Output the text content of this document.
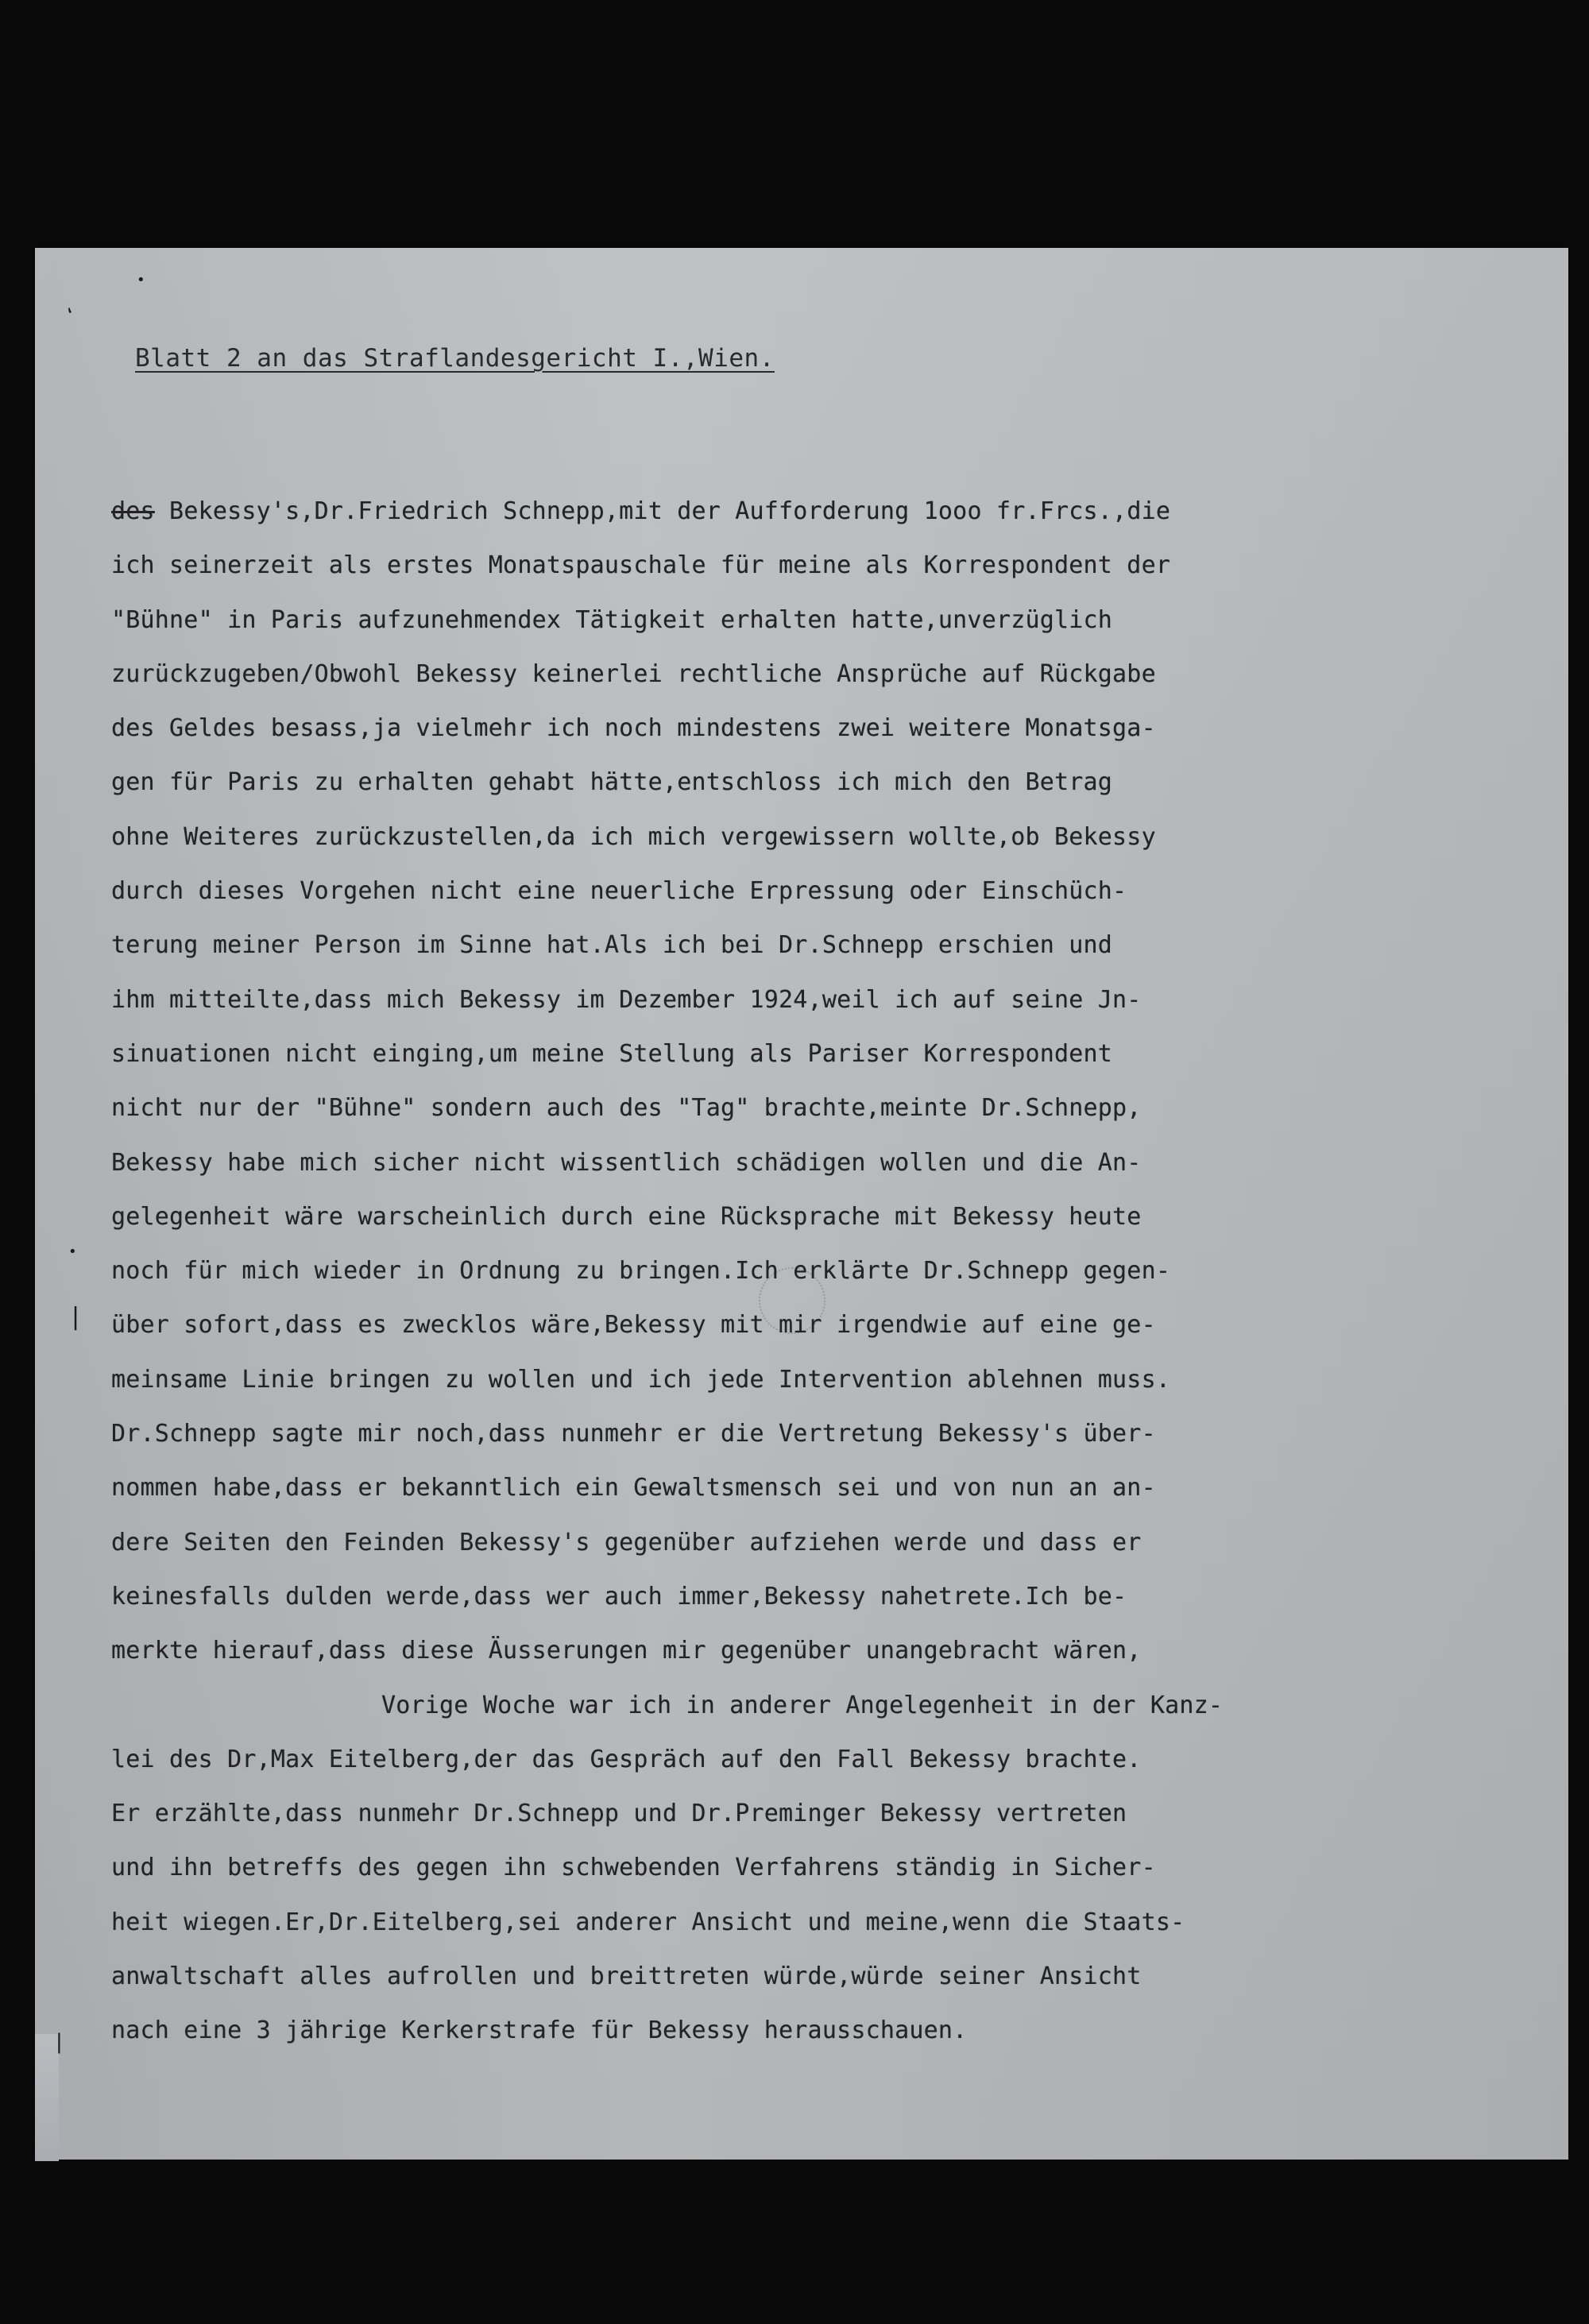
‘
•
•
|
|
Blatt 2 an das Straflandesgericht I.,Wien.
des Bekessy's,Dr.Friedrich Schnepp,mit der Aufforderung 1ooo fr.Frcs.,die
ich seinerzeit als erstes Monatspauschale für meine als Korrespondent der
"Bühne" in Paris aufzunehmendex Tätigkeit erhalten hatte,unverzüglich
zurückzugeben/Obwohl Bekessy keinerlei rechtliche Ansprüche auf Rückgabe
des Geldes besass,ja vielmehr ich noch mindestens zwei weitere Monatsga-
gen für Paris zu erhalten gehabt hätte,entschloss ich mich den Betrag
ohne Weiteres zurückzustellen,da ich mich vergewissern wollte,ob Bekessy
durch dieses Vorgehen nicht eine neuerliche Erpressung oder Einschüch-
terung meiner Person im Sinne hat.Als ich bei Dr.Schnepp erschien und
ihm mitteilte,dass mich Bekessy im Dezember 1924,weil ich auf seine Jn-
sinuationen nicht einging,um meine Stellung als Pariser Korrespondent
nicht nur der "Bühne" sondern auch des "Tag" brachte,meinte Dr.Schnepp,
Bekessy habe mich sicher nicht wissentlich schädigen wollen und die An-
gelegenheit wäre warscheinlich durch eine Rücksprache mit Bekessy heute
noch für mich wieder in Ordnung zu bringen.Ich erklärte Dr.Schnepp gegen-
über sofort,dass es zwecklos wäre,Bekessy mit mir irgendwie auf eine ge-
meinsame Linie bringen zu wollen und ich jede Intervention ablehnen muss.
Dr.Schnepp sagte mir noch,dass nunmehr er die Vertretung Bekessy's über-
nommen habe,dass er bekanntlich ein Gewaltsmensch sei und von nun an an-
dere Seiten den Feinden Bekessy's gegenüber aufziehen werde und dass er
keinesfalls dulden werde,dass wer auch immer,Bekessy nahetrete.Ich be-
merkte hierauf,dass diese Äusserungen mir gegenüber unangebracht wären,
Vorige Woche war ich in anderer Angelegenheit in der Kanz-
lei des Dr,Max Eitelberg,der das Gespräch auf den Fall Bekessy brachte.
Er erzählte,dass nunmehr Dr.Schnepp und Dr.Preminger Bekessy vertreten
und ihn betreffs des gegen ihn schwebenden Verfahrens ständig in Sicher-
heit wiegen.Er,Dr.Eitelberg,sei anderer Ansicht und meine,wenn die Staats-
anwaltschaft alles aufrollen und breittreten würde,würde seiner Ansicht
nach eine 3 jährige Kerkerstrafe für Bekessy herausschauen.
